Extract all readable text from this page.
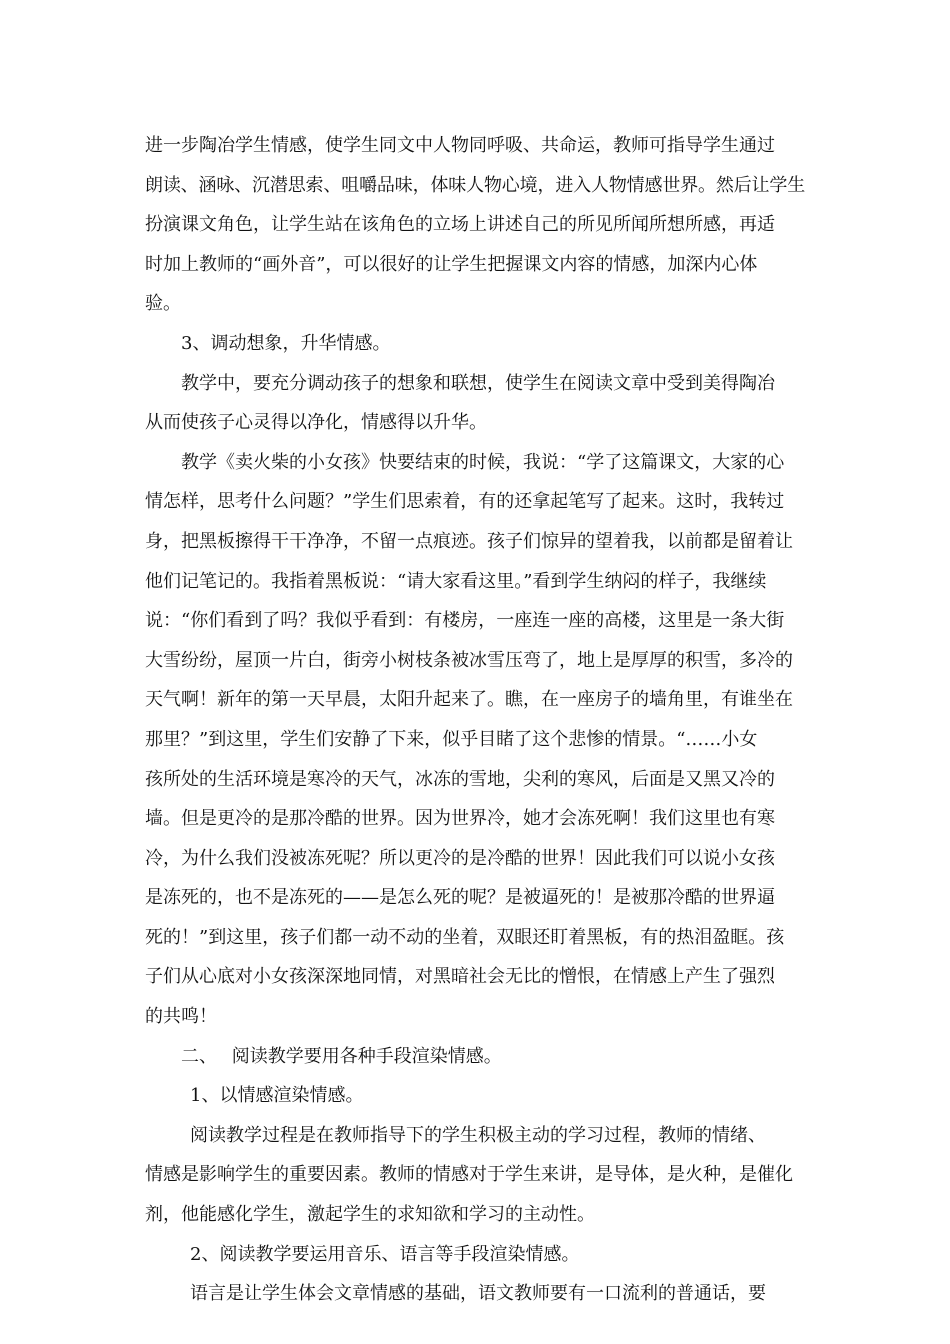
进一步陶冶学生情感，使学生同文中人物同呼吸、共命运，教师可指导学生通过
朗读、涵咏、沉潜思索、咀嚼品味，体味人物心境，进入人物情感世界。然后让学生
扮演课文角色，让学生站在该角色的立场上讲述自己的所见所闻所想所感，再适
时加上教师的“画外音”，可以很好的让学生把握课文内容的情感，加深内心体
验。
3、调动想象，升华情感。
教学中，要充分调动孩子的想象和联想，使学生在阅读文章中受到美得陶冶
从而使孩子心灵得以净化，情感得以升华。
教学《卖火柴的小女孩》快要结束的时候，我说：“学了这篇课文，大家的心
情怎样，思考什么问题？”学生们思索着，有的还拿起笔写了起来。这时，我转过
身，把黑板擦得干干净净，不留一点痕迹。孩子们惊异的望着我，以前都是留着让
他们记笔记的。我指着黑板说：“请大家看这里。”看到学生纳闷的样子，我继续
说：“你们看到了吗？我似乎看到：有楼房，一座连一座的高楼，这里是一条大街
大雪纷纷，屋顶一片白，街旁小树枝条被冰雪压弯了，地上是厚厚的积雪，多冷的
天气啊！新年的第一天早晨，太阳升起来了。瞧，在一座房子的墙角里，有谁坐在
那里？”到这里，学生们安静了下来，似乎目睹了这个悲惨的情景。“……小女
孩所处的生活环境是寒冷的天气，冰冻的雪地，尖利的寒风，后面是又黑又冷的
墙。但是更冷的是那冷酷的世界。因为世界冷，她才会冻死啊！我们这里也有寒
冷，为什么我们没被冻死呢？所以更冷的是冷酷的世界！因此我们可以说小女孩
是冻死的，也不是冻死的——是怎么死的呢？是被逼死的！是被那冷酷的世界逼
死的！”到这里，孩子们都一动不动的坐着，双眼还盯着黑板，有的热泪盈眶。孩
子们从心底对小女孩深深地同情，对黑暗社会无比的憎恨，在情感上产生了强烈
的共鸣！
二、　 阅读教学要用各种手段渲染情感。
1、以情感渲染情感。
阅读教学过程是在教师指导下的学生积极主动的学习过程，教师的情绪、
情感是影响学生的重要因素。教师的情感对于学生来讲，是导体，是火种，是催化
剂，他能感化学生，激起学生的求知欲和学习的主动性。
2、阅读教学要运用音乐、语言等手段渲染情感。
语言是让学生体会文章情感的基础，语文教师要有一口流利的普通话，要
